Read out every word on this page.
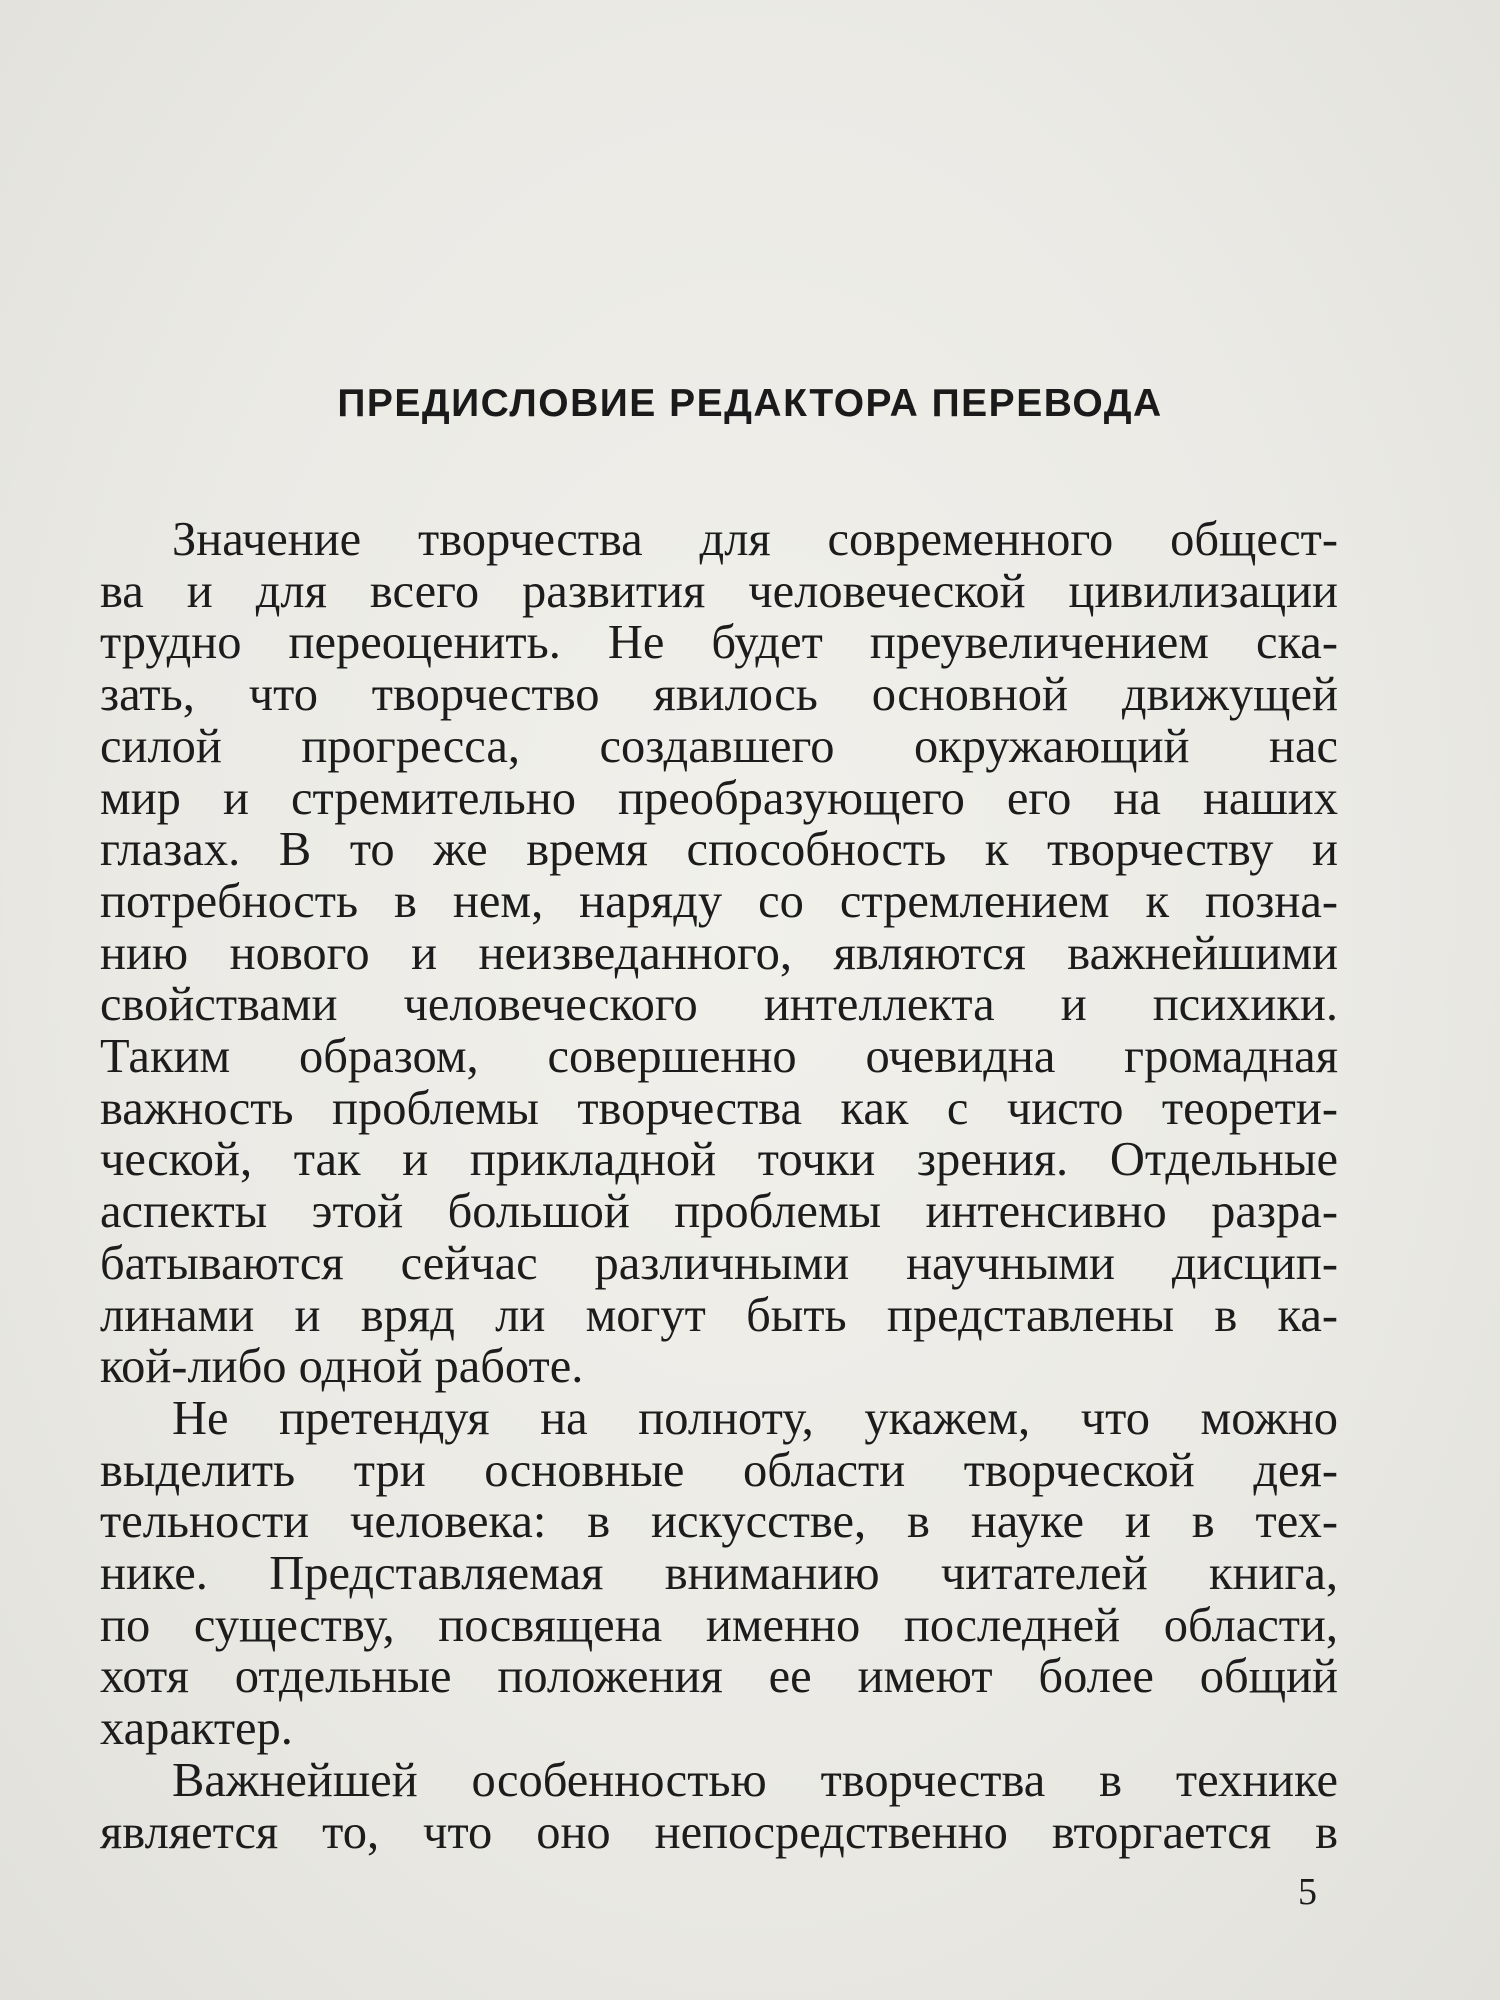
ПРЕДИСЛОВИЕ РЕДАКТОРА ПЕРЕВОДА

Значение творчества для современного общест-
ва и для всего развития человеческой цивилизации
трудно переоценить. Не будет преувеличением ска-
зать, что творчество явилось основной движущей
силой прогресса, создавшего окружающий нас
мир и стремительно преобразующего его на наших
глазах. В то же время способность к творчеству и
потребность в нем, наряду со стремлением к позна-
нию нового и неизведанного, являются важнейшими
свойствами человеческого интеллекта и психики.
Таким образом, совершенно очевидна громадная
важность проблемы творчества как с чисто теорети-
ческой, так и прикладной точки зрения. Отдельные
аспекты этой большой проблемы интенсивно разра-
батываются сейчас различными научными дисцип-
линами и вряд ли могут быть представлены в ка-
кой-либо одной работе.

Не претендуя на полноту, укажем, что можно
выделить три основные области творческой дея-
тельности человека: в искусстве, в науке и в тех-
нике. Представляемая вниманию читателей книга,
по существу, посвящена именно последней области,
хотя отдельные положения ее имеют более общий
характер.

Важнейшей особенностью творчества в технике
является то, что оно непосредственно вторгается в

5
